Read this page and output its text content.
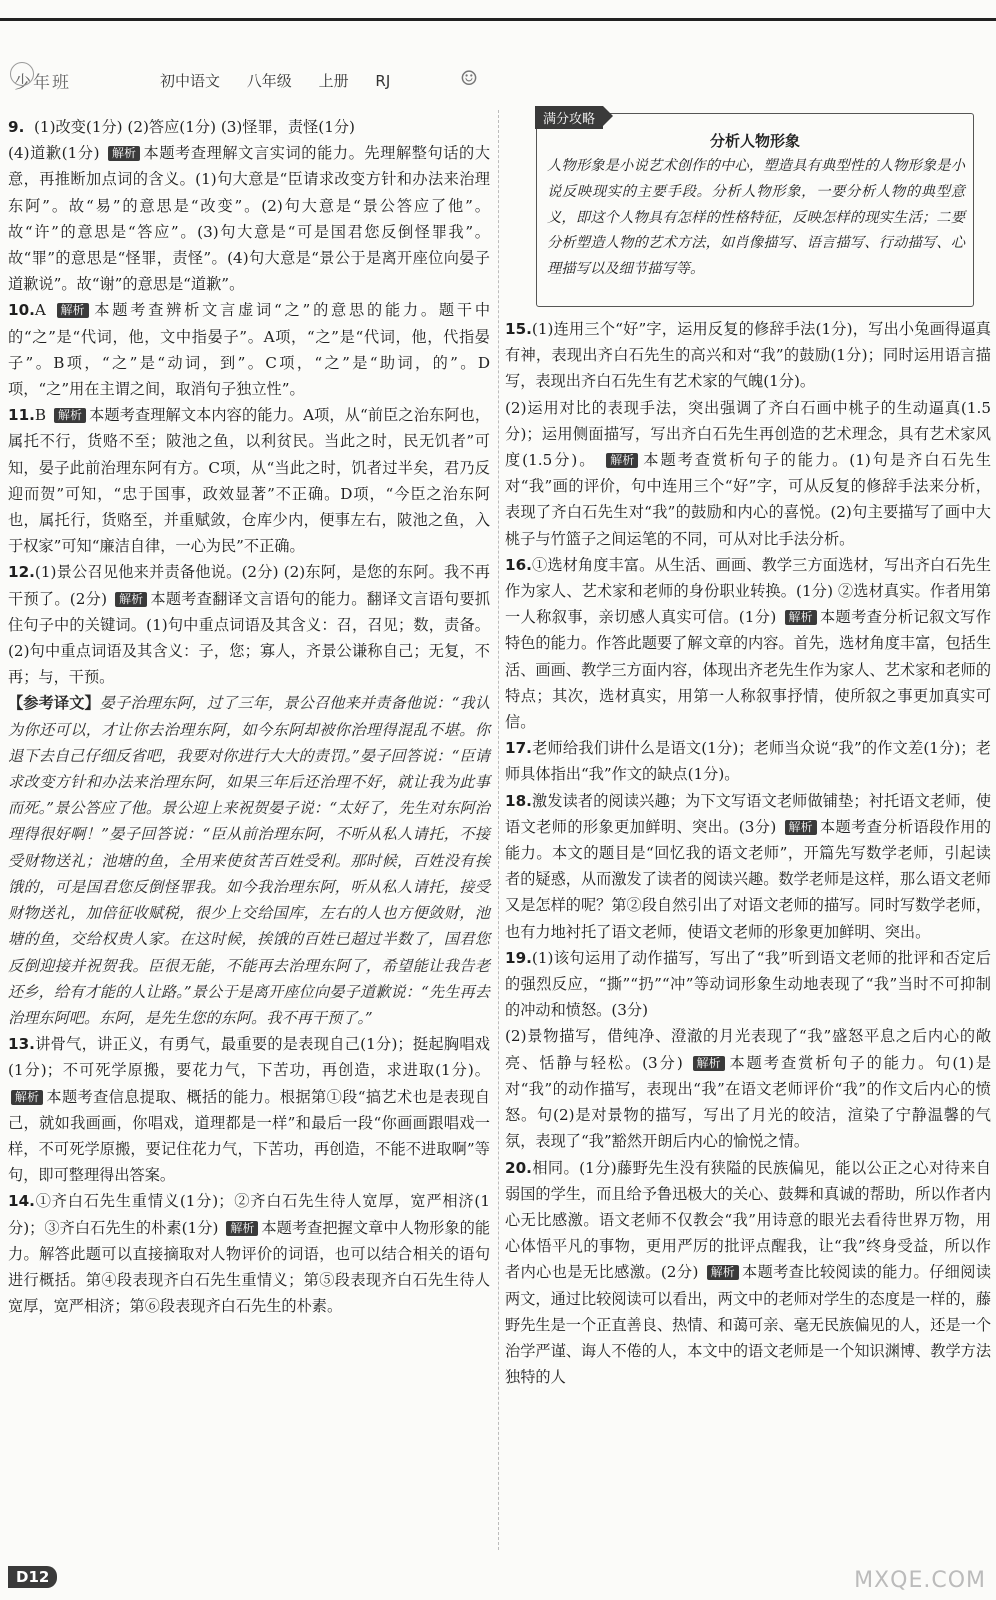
少年班	初中语文 八年级 上册 RJ	☺

9. (1)改变(1分) (2)答应(1分) (3)怪罪，责怪(1分)

(4)道歉(1分) 解析 本题考查理解文言实词的能力。先理解整句话的大意，再推断加点词的含义。(1)句大意是“臣请求改变方针和办法来治理东阿”。故“易”的意思是“改变”。(2)句大意是“景公答应了他”。故“许”的意思是“答应”。(3)句大意是“可是国君您反倒怪罪我”。故“罪”的意思是“怪罪，责怪”。(4)句大意是“景公于是离开座位向晏子道歉说”。故“谢”的意思是“道歉”。

10.A 解析 本题考查辨析文言虚词“之”的意思的能力。题干中的“之”是“代词，他，文中指晏子”。A项，“之”是“代词，他，代指晏子”。B项，“之”是“动词，到”。C项，“之”是“助词，的”。D项，“之”用在主谓之间，取消句子独立性”。

11.B 解析 本题考查理解文本内容的能力。A项，从“前臣之治东阿也，属托不行，货赂不至；陂池之鱼，以利贫民。当此之时，民无饥者”可知，晏子此前治理东阿有方。C项，从“当此之时，饥者过半矣，君乃反迎而贺”可知，“忠于国事，政效显著”不正确。D项，“今臣之治东阿也，属托行，货赂至，并重赋敛，仓库少内，便事左右，陂池之鱼，入于权家”可知“廉洁自律，一心为民”不正确。

12.(1)景公召见他来并责备他说。(2分) (2)东阿，是您的东阿。我不再干预了。(2分) 解析 本题考查翻译文言语句的能力。翻译文言语句要抓住句子中的关键词。(1)句中重点词语及其含义：召，召见；数，责备。(2)句中重点词语及其含义：子，您；寡人，齐景公谦称自己；无复，不再；与，干预。

【参考译文】晏子治理东阿，过了三年，景公召他来并责备他说：“我认为你还可以，才让你去治理东阿，如今东阿却被你治理得混乱不堪。你退下去自己仔细反省吧，我要对你进行大大的责罚。”晏子回答说：“臣请求改变方针和办法来治理东阿，如果三年后还治理不好，就让我为此事而死。”景公答应了他。景公迎上来祝贺晏子说：“太好了，先生对东阿治理得很好啊！”晏子回答说：“臣从前治理东阿，不听从私人请托，不接受财物送礼；池塘的鱼，全用来使贫苦百姓受利。那时候，百姓没有挨饿的，可是国君您反倒怪罪我。如今我治理东阿，听从私人请托，接受财物送礼，加倍征收赋税，很少上交给国库，左右的人也方便敛财，池塘的鱼，交给权贵人家。在这时候，挨饿的百姓已超过半数了，国君您反倒迎接并祝贺我。臣很无能，不能再去治理东阿了，希望能让我告老还乡，给有才能的人让路。”景公于是离开座位向晏子道歉说：“先生再去治理东阿吧。东阿，是先生您的东阿。我不再干预了。”

13.讲骨气，讲正义，有勇气，最重要的是表现自己(1分)；挺起胸唱戏(1分)；不可死学原搬，要花力气，下苦功，再创造，求进取(1分)。 解析 本题考查信息提取、概括的能力。根据第①段“搞艺术也是表现自己，就如我画画，你唱戏，道理都是一样”和最后一段“你画画跟唱戏一样，不可死学原搬，要记住花力气，下苦功，再创造，不能不进取啊”等句，即可整理得出答案。

14.①齐白石先生重情义(1分)；②齐白石先生待人宽厚，宽严相济(1分)；③齐白石先生的朴素(1分) 解析 本题考查把握文章中人物形象的能力。解答此题可以直接摘取对人物评价的词语，也可以结合相关的语句进行概括。第④段表现齐白石先生重情义；第⑤段表现齐白石先生待人宽厚，宽严相济；第⑥段表现齐白石先生的朴素。

满分攻略
分析人物形象
人物形象是小说艺术创作的中心，塑造具有典型性的人物形象是小说反映现实的主要手段。分析人物形象，一要分析人物的典型意义，即这个人物具有怎样的性格特征，反映怎样的现实生活；二要分析塑造人物的艺术方法，如肖像描写、语言描写、行动描写、心理描写以及细节描写等。

15.(1)连用三个“好”字，运用反复的修辞手法(1分)，写出小兔画得逼真有神，表现出齐白石先生的高兴和对“我”的鼓励(1分)；同时运用语言描写，表现出齐白石先生有艺术家的气魄(1分)。

(2)运用对比的表现手法，突出强调了齐白石画中桃子的生动逼真(1.5分)；运用侧面描写，写出齐白石先生再创造的艺术理念，具有艺术家风度(1.5分)。 解析 本题考查赏析句子的能力。(1)句是齐白石先生对“我”画的评价，句中连用三个“好”字，可从反复的修辞手法来分析，表现了齐白石先生对“我”的鼓励和内心的喜悦。(2)句主要描写了画中大桃子与竹篮子之间运笔的不同，可从对比手法分析。

16.①选材角度丰富。从生活、画画、教学三方面选材，写出齐白石先生作为家人、艺术家和老师的身份职业转换。(1分) ②选材真实。作者用第一人称叙事，亲切感人真实可信。(1分) 解析 本题考查分析记叙文写作特色的能力。作答此题要了解文章的内容。首先，选材角度丰富，包括生活、画画、教学三方面内容，体现出齐老先生作为家人、艺术家和老师的特点；其次，选材真实，用第一人称叙事抒情，使所叙之事更加真实可信。

17.老师给我们讲什么是语文(1分)；老师当众说“我”的作文差(1分)；老师具体指出“我”作文的缺点(1分)。

18.激发读者的阅读兴趣；为下文写语文老师做铺垫；衬托语文老师，使语文老师的形象更加鲜明、突出。(3分) 解析 本题考查分析语段作用的能力。本文的题目是“回忆我的语文老师”，开篇先写数学老师，引起读者的疑惑，从而激发了读者的阅读兴趣。数学老师是这样，那么语文老师又是怎样的呢？第②段自然引出了对语文老师的描写。同时写数学老师，也有力地衬托了语文老师，使语文老师的形象更加鲜明、突出。

19.(1)该句运用了动作描写，写出了“我”听到语文老师的批评和否定后的强烈反应，“撕”“扔”“冲”等动词形象生动地表现了“我”当时不可抑制的冲动和愤怒。(3分)

(2)景物描写，借纯净、澄澈的月光表现了“我”盛怒平息之后内心的敞亮、恬静与轻松。(3分) 解析 本题考查赏析句子的能力。句(1)是对“我”的动作描写，表现出“我”在语文老师评价“我”的作文后内心的愤怒。句(2)是对景物的描写，写出了月光的皎洁，渲染了宁静温馨的气氛，表现了“我”豁然开朗后内心的愉悦之情。

20.相同。(1分)藤野先生没有狭隘的民族偏见，能以公正之心对待来自弱国的学生，而且给予鲁迅极大的关心、鼓舞和真诚的帮助，所以作者内心无比感激。语文老师不仅教会“我”用诗意的眼光去看待世界万物，用心体悟平凡的事物，更用严厉的批评点醒我，让“我”终身受益，所以作者内心也是无比感激。(2分) 解析 本题考查比较阅读的能力。仔细阅读两文，通过比较阅读可以看出，两文中的老师对学生的态度是一样的，藤野先生是一个正直善良、热情、和蔼可亲、毫无民族偏见的人，还是一个治学严谨、诲人不倦的人，本文中的语文老师是一个知识渊博、教学方法独特的人

D12	MXQE.COM
